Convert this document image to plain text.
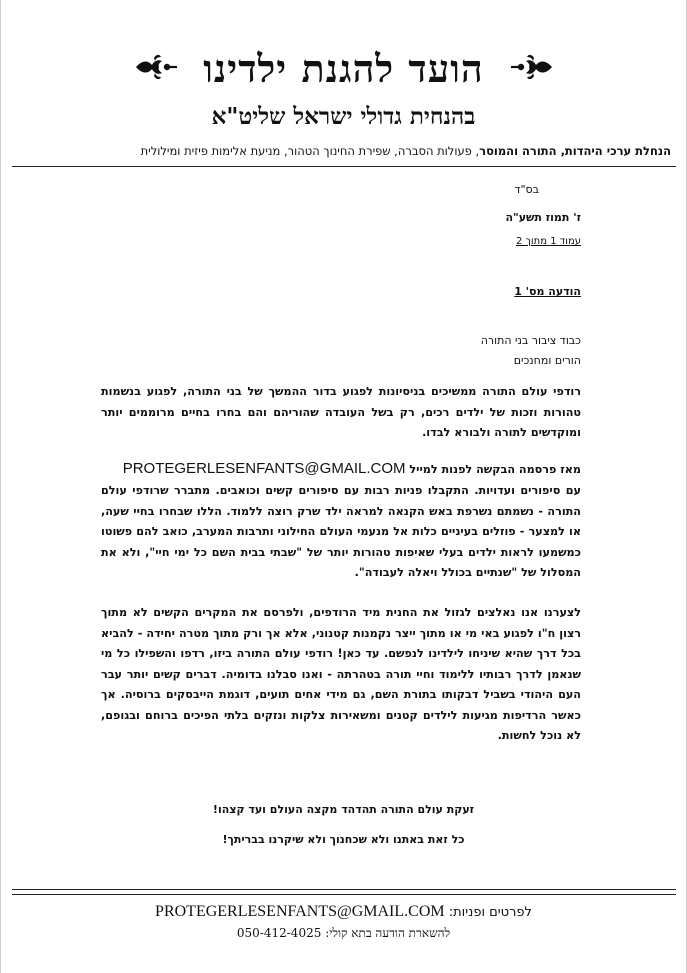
הועד להגנת ילדינו
בהנחית גדולי ישראל שליט"א
הנחלת ערכי היהדות, התורה והמוסר, פעולות הסברה, שפירת החינוך הטהור, מניעת אלימות פיזית ומילולית
בס"ד
ז' תמוז תשע"ה
עמוד 1 מתוך 2
הודעה מס' 1
כבוד ציבור בני התורה
הורים ומחנכים
רודפי עולם התורה ממשיכים בניסיונות לפגוע בדור ההמשך של בני התורה, לפגוע בנשמות טהורות וזכות של ילדים רכים, רק בשל העובדה שהוריהם והם בחרו בחיים מרוממים יותר ומוקדשים לתורה ולבורא לבדו.
מאז פרסמה הבקשה לפנות למייל PROTEGERLESENFANTS@GMAIL.COM
עם סיפורים ועדויות. התקבלו פניות רבות עם סיפורים קשים וכואבים. מתברר שרודפי עולם התורה - נשמתם נשרפת באש הקנאה למראה ילד שרק רוצה ללמוד. הללו שבחרו בחיי שעה, או למצער - פוזלים בעיניים כלות אל מנעמי העולם החילוני ותרבות המערב, כואב להם פשוטו כמשמעו לראות ילדים בעלי שאיפות טהורות יותר של "שבתי בבית השם כל ימי חיי", ולא את המסלול של "שנתיים בכולל ויאלה לעבודה".
לצערנו אנו נאלצים לגזול את החנית מיד הרודפים, ולפרסם את המקרים הקשים לא מתוך רצון ח"ו לפגוע באי מי או מתוך ייצר נקמנות קטנוני, אלא אך ורק מתוך מטרה יחידה - להביא בכל דרך שהיא שיניחו לילדינו לנפשם. עד כאן! רודפי עולם התורה ביזו, רדפו והשפילו כל מי שנאמן לדרך רבותיו ללימוד וחיי תורה בטהרתה - ואנו סבלנו בדומיה. דברים קשים יותר עבר העם היהודי בשביל דבקותו בתורת השם, גם מידי אחים תועים, דוגמת הייבסקים ברוסיה. אך כאשר הרדיפות מגיעות לילדים קטנים ומשאירות צלקות ונזקים בלתי הפיכים ברוחם ובגופם, לא נוכל לחשות.
זעקת עולם התורה תהדהד מקצה העולם ועד קצהו!
כל זאת באתנו ולא שכחנוך ולא שיקרנו בבריתך!
לפרטים ופניות: PROTEGERLESENFANTS@GMAIL.COM
להשארת הודעה בתא קולי: 050-412-4025
